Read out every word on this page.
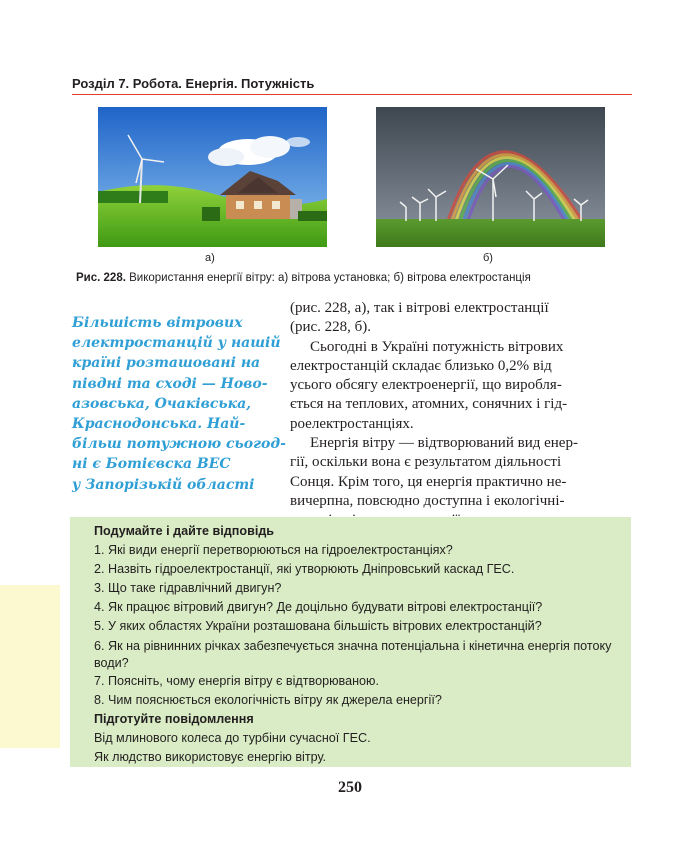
Розділ 7. Робота. Енергія. Потужність
а)	б)
Рис. 228. Використання енергії вітру: а) вітрова установка; б) вітрова електростанція
Більшість вітрових
електростанцій у нашій
країні розташовані на
півдні та сході — Ново-
азовська, Очаківська,
Краснодонська. Най-
більш потужною сьогод-
ні є Ботієвска ВЕС
у Запорізькій області
(рис. 228, а), так і вітрові електростанції
(рис. 228, б).
Сьогодні в Україні потужність вітрових
електростанцій складає близько 0,2% від
усього обсягу електроенергії, що виробля-
ється на теплових, атомних, сонячних і гід-
роелектростанціях.
Енергія вітру — відтворюваний вид енер-
гії, оскільки вона є результатом діяльності
Сонця. Крім того, ця енергія практично не-
вичерпна, повсюдно доступна і екологічні-
Подумайте і дайте відповідь
1. Які види енергії перетворюються на гідроелектростанціях?
2. Назвіть гідроелектростанції, які утворюють Дніпровський каскад ГЕС.
3. Що таке гідравлічний двигун?
4. Як працює вітровий двигун? Де доцільно будувати вітрові електростанції?
5. У яких областях України розташована більшість вітрових електростанцій?
6. Як на рівнинних річках забезпечується значна потенціальна і кінетична енергія потоку води?
7. Поясніть, чому енергія вітру є відтворюваною.
8. Чим пояснюється екологічність вітру як джерела енергії?
Підготуйте повідомлення
Від млинового колеса до турбіни сучасної ГЕС.
Як людство використовує енергію вітру.
250
